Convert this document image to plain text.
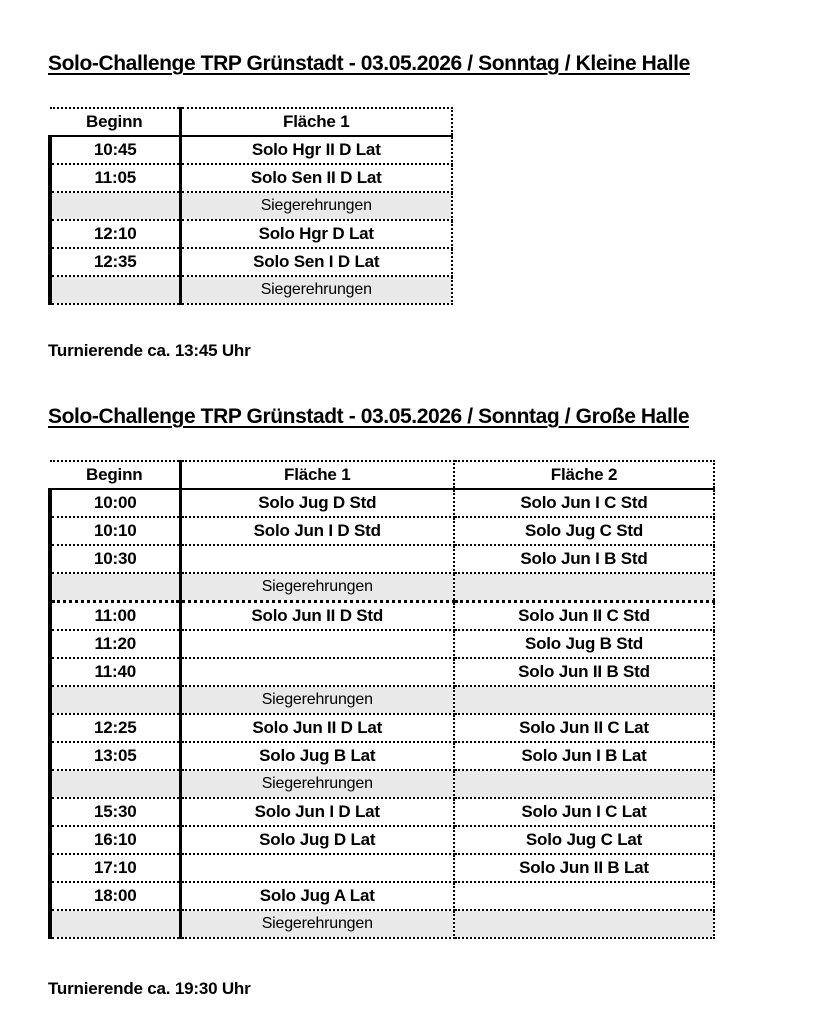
Solo-Challenge TRP Grünstadt - 03.05.2026 / Sonntag / Kleine Halle
Beginn	Fläche 1
10:45	Solo Hgr II D Lat
11:05	Solo Sen II D Lat
	Siegerehrungen
12:10	Solo Hgr D Lat
12:35	Solo Sen I D Lat
	Siegerehrungen

Turnierende ca. 13:45 Uhr

Solo-Challenge TRP Grünstadt - 03.05.2026 / Sonntag / Große Halle
Beginn	Fläche 1	Fläche 2
10:00	Solo Jug D Std	Solo Jun I C Std
10:10	Solo Jun I D Std	Solo Jug C Std
10:30		Solo Jun I B Std
	Siegerehrungen	
11:00	Solo Jun II D Std	Solo Jun II C Std
11:20		Solo Jug B Std
11:40		Solo Jun II B Std
	Siegerehrungen	
12:25	Solo Jun II D Lat	Solo Jun II C Lat
13:05	Solo Jug B Lat	Solo Jun I B Lat
	Siegerehrungen	
15:30	Solo Jun I D Lat	Solo Jun I C Lat
16:10	Solo Jug D Lat	Solo Jug C Lat
17:10		Solo Jun II B Lat
18:00	Solo Jug A Lat	
	Siegerehrungen	

Turnierende ca. 19:30 Uhr
